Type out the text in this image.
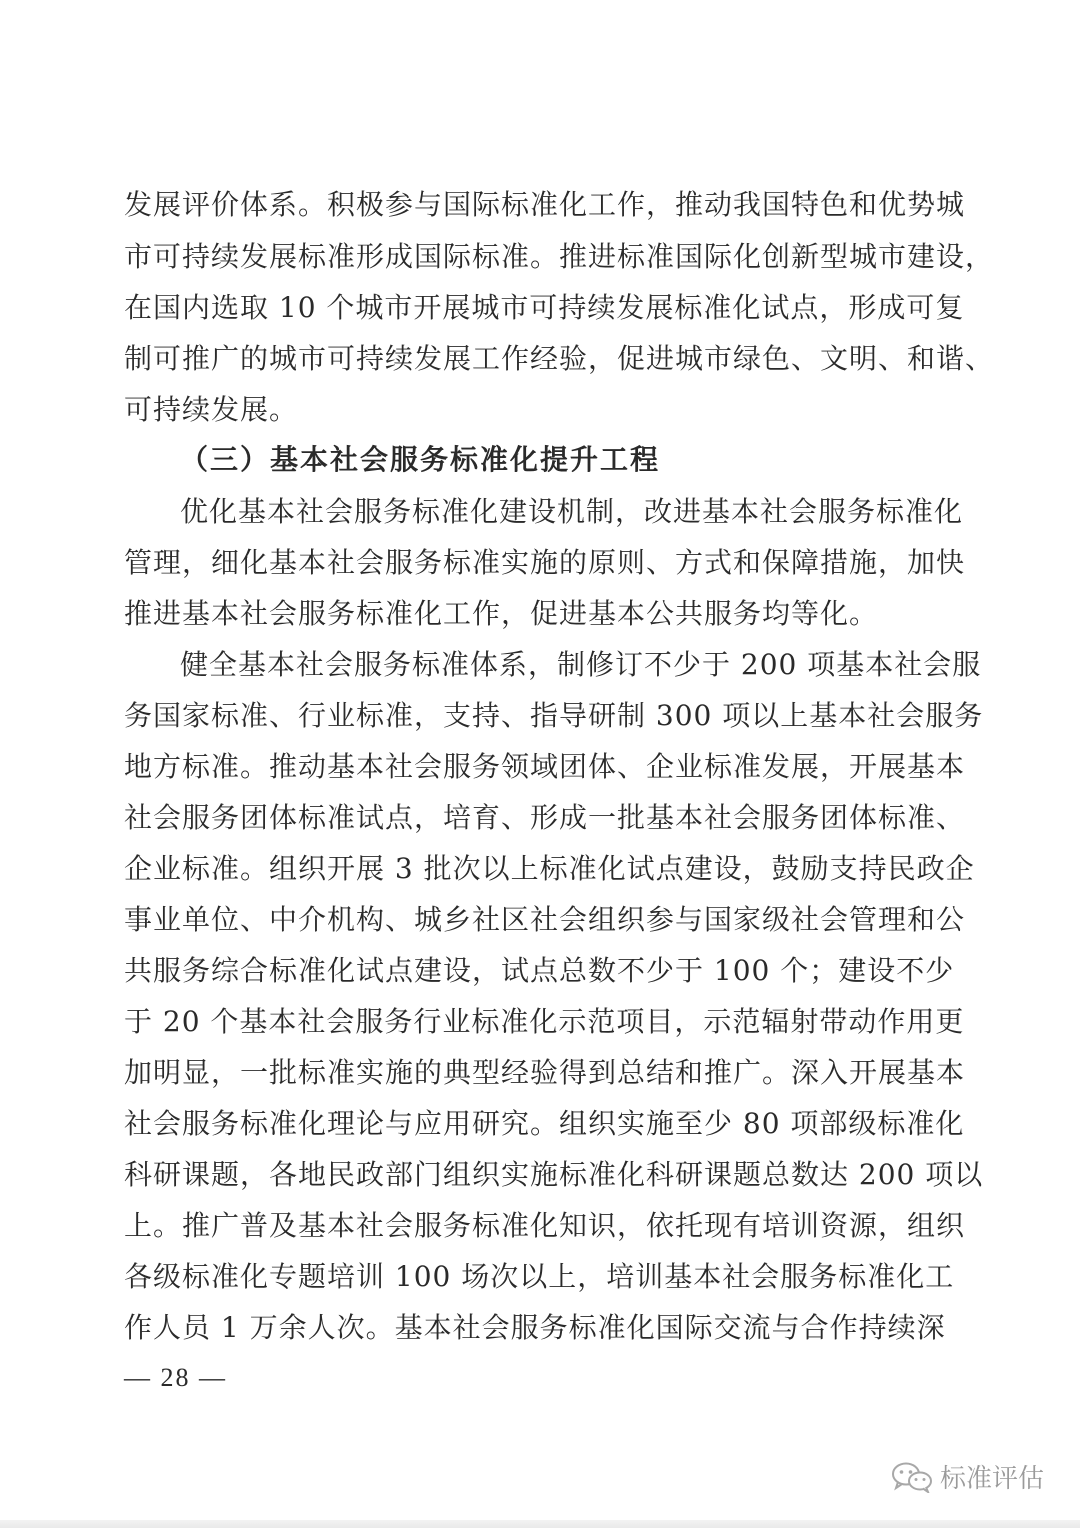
发展评价体系。积极参与国际标准化工作，推动我国特色和优势城
市可持续发展标准形成国际标准。推进标准国际化创新型城市建设，
在国内选取 10 个城市开展城市可持续发展标准化试点，形成可复
制可推广的城市可持续发展工作经验，促进城市绿色、文明、和谐、
可持续发展。
（三）基本社会服务标准化提升工程
优化基本社会服务标准化建设机制，改进基本社会服务标准化
管理，细化基本社会服务标准实施的原则、方式和保障措施，加快
推进基本社会服务标准化工作，促进基本公共服务均等化。
健全基本社会服务标准体系，制修订不少于 200 项基本社会服
务国家标准、行业标准，支持、指导研制 300 项以上基本社会服务
地方标准。推动基本社会服务领域团体、企业标准发展，开展基本
社会服务团体标准试点，培育、形成一批基本社会服务团体标准、
企业标准。组织开展 3 批次以上标准化试点建设，鼓励支持民政企
事业单位、中介机构、城乡社区社会组织参与国家级社会管理和公
共服务综合标准化试点建设，试点总数不少于 100 个；建设不少
于 20 个基本社会服务行业标准化示范项目，示范辐射带动作用更
加明显，一批标准实施的典型经验得到总结和推广。深入开展基本
社会服务标准化理论与应用研究。组织实施至少 80 项部级标准化
科研课题，各地民政部门组织实施标准化科研课题总数达 200 项以
上。推广普及基本社会服务标准化知识，依托现有培训资源，组织
各级标准化专题培训 100 场次以上，培训基本社会服务标准化工
作人员 1 万余人次。基本社会服务标准化国际交流与合作持续深
— 28 —
标准评估
